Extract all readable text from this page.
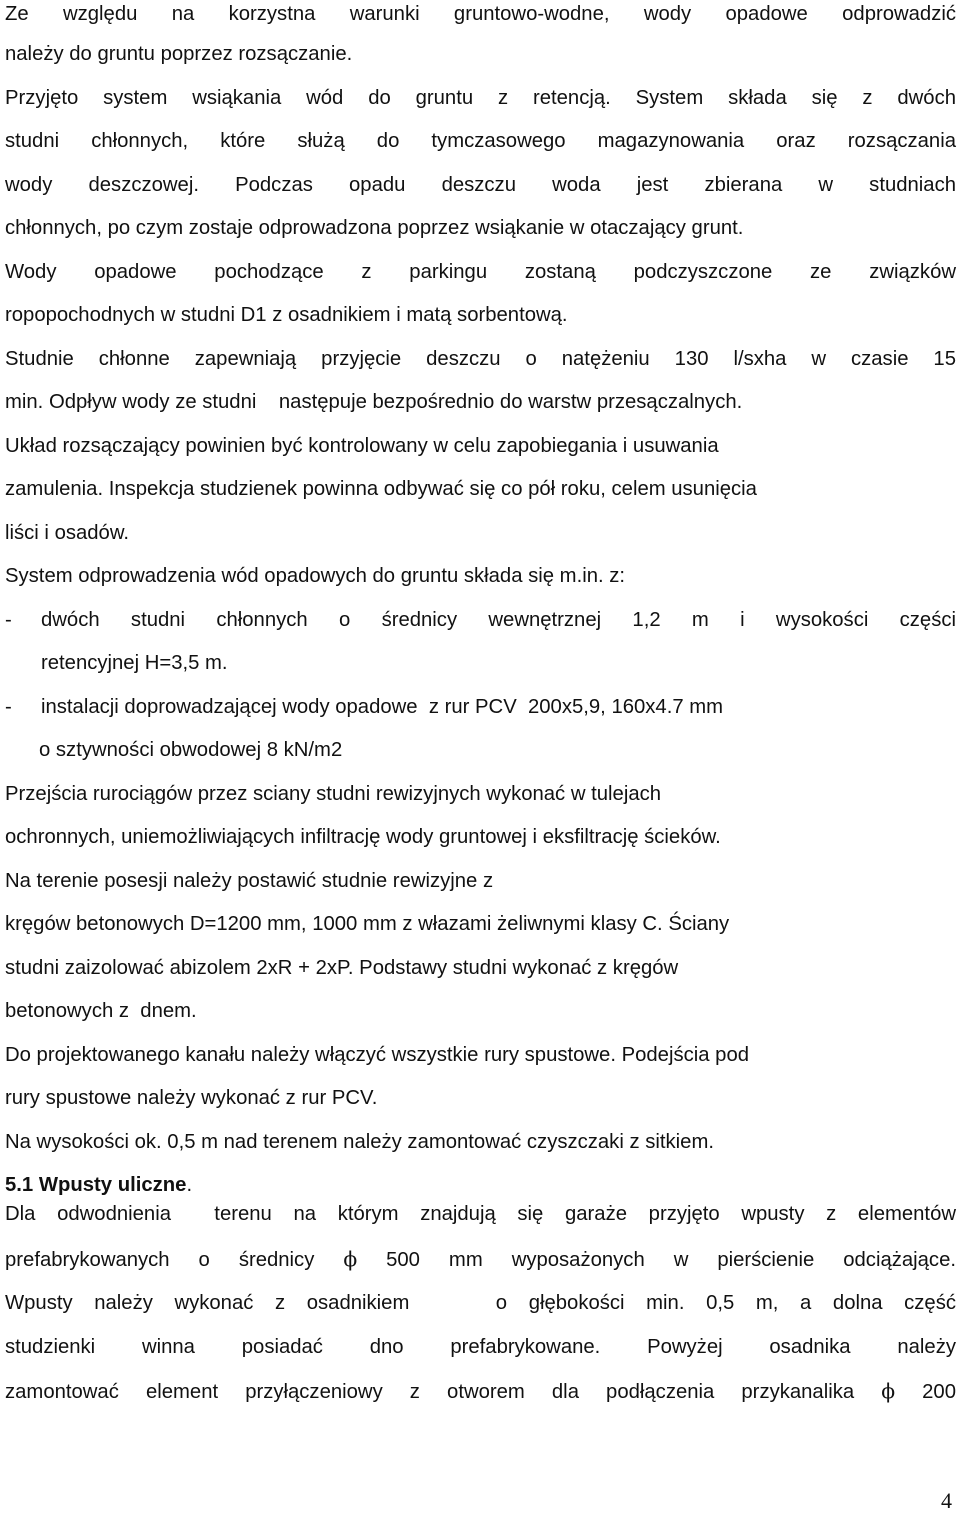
Ze względu na korzystna warunki gruntowo-wodne, wody opadowe odprowadzić
należy do gruntu poprzez rozsączanie.
Przyjęto system wsiąkania wód do gruntu z retencją. System składa się z dwóch
studni chłonnych, które służą do tymczasowego magazynowania oraz rozsączania
wody deszczowej. Podczas opadu deszczu woda jest zbierana w studniach
chłonnych, po czym zostaje odprowadzona poprzez wsiąkanie w otaczający grunt.
Wody opadowe pochodzące z parkingu zostaną podczyszczone ze związków
ropopochodnych w studni D1 z osadnikiem i matą sorbentową.
Studnie chłonne zapewniają przyjęcie deszczu o natężeniu 130 l/sxha w czasie 15
min. Odpływ wody ze studni    następuje bezpośrednio do warstw przesączalnych.
Układ rozsączający powinien być kontrolowany w celu zapobiegania i usuwania
zamulenia. Inspekcja studzienek powinna odbywać się co pół roku, celem usunięcia
liści i osadów.
System odprowadzenia wód opadowych do gruntu składa się m.in. z:
-	dwóch studni chłonnych o średnicy wewnętrznej 1,2 m i wysokości części
retencyjnej H=3,5 m.
-	instalacji doprowadzającej wody opadowe  z rur PCV  200x5,9, 160x4.7 mm
o sztywności obwodowej 8 kN/m2
Przejścia rurociągów przez sciany studni rewizyjnych wykonać w tulejach
ochronnych, uniemożliwiających infiltrację wody gruntowej i eksfiltrację ścieków.
Na terenie posesji należy postawić studnie rewizyjne z
kręgów betonowych D=1200 mm, 1000 mm z włazami żeliwnymi klasy C. Ściany
studni zaizolować abizolem 2xR + 2xP. Podstawy studni wykonać z kręgów
betonowych z  dnem.
Do projektowanego kanału należy włączyć wszystkie rury spustowe. Podejścia pod
rury spustowe należy wykonać z rur PCV.
Na wysokości ok. 0,5 m nad terenem należy zamontować czyszczaki z sitkiem.
5.1 Wpusty uliczne.
Dla odwodnienia  terenu na którym znajdują się garaże przyjęto wpusty z elementów
prefabrykowanych o średnicy ϕ 500 mm wyposażonych w pierścienie odciążające.
Wpusty należy wykonać z osadnikiem    o głębokości min. 0,5 m, a dolna część
studzienki winna posiadać dno prefabrykowane. Powyżej osadnika należy
zamontować element przyłączeniowy z otworem dla podłączenia przykanalika ϕ 200
4
